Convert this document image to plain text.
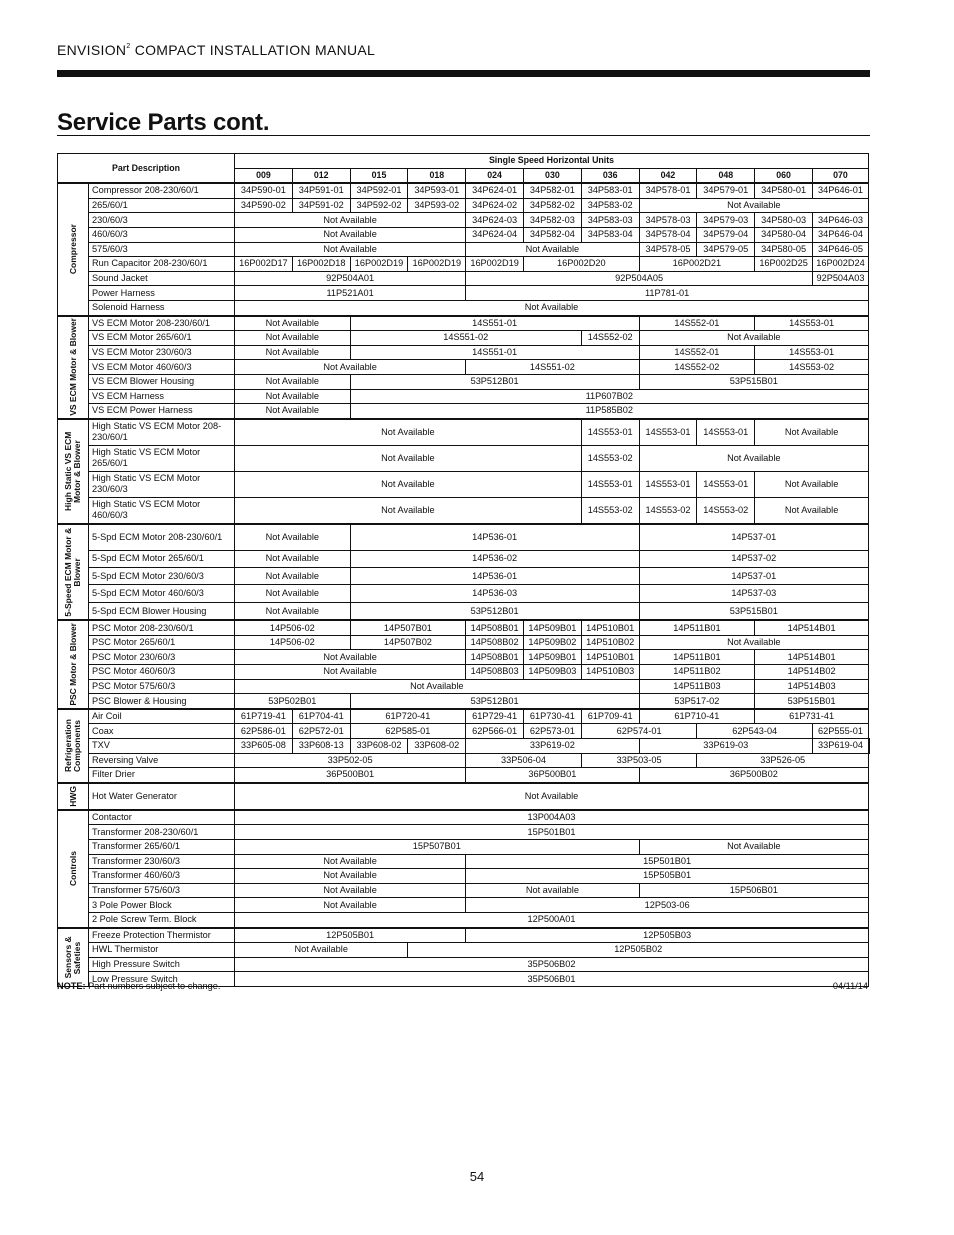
ENVISION$^2$ COMPACT INSTALLATION MANUAL
Service Parts cont.
Part Description		Single Speed Horizontal Units											
		009	012	015	018	024	030	036	042	048	060	070	

Compressor	Compressor 208-230/60/1	34P590-01	34P591-01	34P592-01	34P593-01	34P624-01	34P582-01	34P583-01	34P578-01	34P579-01	34P580-01	34P646-01	
	265/60/1	34P590-02	34P591-02	34P592-02	34P593-02	34P624-02	34P582-02	34P583-02	Not Available				
	230/60/3	Not Available				34P624-03	34P582-03	34P583-03	34P578-03	34P579-03	34P580-03	34P646-03	
	460/60/3	Not Available				34P624-04	34P582-04	34P583-04	34P578-04	34P579-04	34P580-04	34P646-04	
	575/60/3	Not Available				Not Available			34P578-05	34P579-05	34P580-05	34P646-05	
	Run Capacitor 208-230/60/1	16P002D17	16P002D18	16P002D19	16P002D19	16P002D19	16P002D20		16P002D21		16P002D25	16P002D24	
	Sound Jacket	92P504A01				92P504A05						92P504A03	
	Power Harness	11P521A01				11P781-01							
	Solenoid Harness	Not Available											

VS ECM Motor & Blower	VS ECM Motor 208-230/60/1	Not Available		14S551-01					14S552-01		14S553-01		
	VS ECM Motor 265/60/1	Not Available		14S551-02				14S552-02	Not Available				
	VS ECM Motor 230/60/3	Not Available		14S551-01					14S552-01		14S553-01		
	VS ECM Motor 460/60/3	Not Available				14S551-02			14S552-02		14S553-02		
	VS ECM Blower Housing	Not Available		53P512B01					53P515B01				
	VS ECM Harness	Not Available		11P607B02									
	VS ECM Power Harness	Not Available		11P585B02									

High Static VS ECM Motor & Blower	High Static VS ECM Motor 208-230/60/1	Not Available						14S553-01	14S553-01	14S553-01	Not Available		
	High Static VS ECM Motor 265/60/1	Not Available						14S553-02	Not Available				
	High Static VS ECM Motor 230/60/3	Not Available						14S553-01	14S553-01	14S553-01	Not Available		
	High Static VS ECM Motor 460/60/3	Not Available						14S553-02	14S553-02	14S553-02	Not Available		

5-Speed ECM Motor & Blower	5-Spd ECM Motor 208-230/60/1	Not Available		14P536-01					14P537-01				
	5-Spd ECM Motor 265/60/1	Not Available		14P536-02					14P537-02				
	5-Spd ECM Motor 230/60/3	Not Available		14P536-01					14P537-01				
	5-Spd ECM Motor 460/60/3	Not Available		14P536-03					14P537-03				
	5-Spd ECM Blower Housing	Not Available		53P512B01					53P515B01				

PSC Motor & Blower	PSC Motor 208-230/60/1	14P506-02		14P507B01		14P508B01	14P509B01	14P510B01	14P511B01		14P514B01		
	PSC Motor 265/60/1	14P506-02		14P507B02		14P508B02	14P509B02	14P510B02	Not Available				
	PSC Motor 230/60/3	Not Available				14P508B01	14P509B01	14P510B01	14P511B01		14P514B01		
	PSC Motor 460/60/3	Not Available				14P508B03	14P509B03	14P510B03	14P511B02		14P514B02		
	PSC Motor 575/60/3	Not Available							14P511B03		14P514B03		
	PSC Blower & Housing	53P502B01		53P512B01					53P517-02		53P515B01		

Refrigeration Components	Air Coil	61P719-41	61P704-41	61P720-41		61P729-41	61P730-41	61P709-41	61P710-41		61P731-41		
	Coax	62P586-01	62P572-01	62P585-01		62P566-01	62P573-01	62P574-01		62P543-04		62P555-01	
	TXV	33P605-08	33P608-13	33P608-02	33P608-02	33P619-02			33P619-03			33P619-04	
	Reversing Valve	33P502-05				33P506-04		33P503-05		33P526-05			
	Filter Drier	36P500B01				36P500B01			36P500B02				

HWG	Hot Water Generator	Not Available											

Controls	Contactor	13P004A03											
	Transformer 208-230/60/1	15P501B01											
	Transformer 265/60/1	15P507B01							Not Available				
	Transformer 230/60/3	Not Available				15P501B01							
	Transformer 460/60/3	Not Available				15P505B01							
	Transformer 575/60/3	Not Available				Not available			15P506B01				
	3 Pole Power Block	Not Available				12P503-06							
	2 Pole Screw Term. Block	12P500A01											

Sensors & Safeties	Freeze Protection Thermistor	12P505B01				12P505B03							
	HWL Thermistor	Not Available			12P505B02								
	High Pressure Switch	35P506B02											
	Low Pressure Switch	35P506B01											
NOTE: Part numbers subject to change.	04/11/14
54
